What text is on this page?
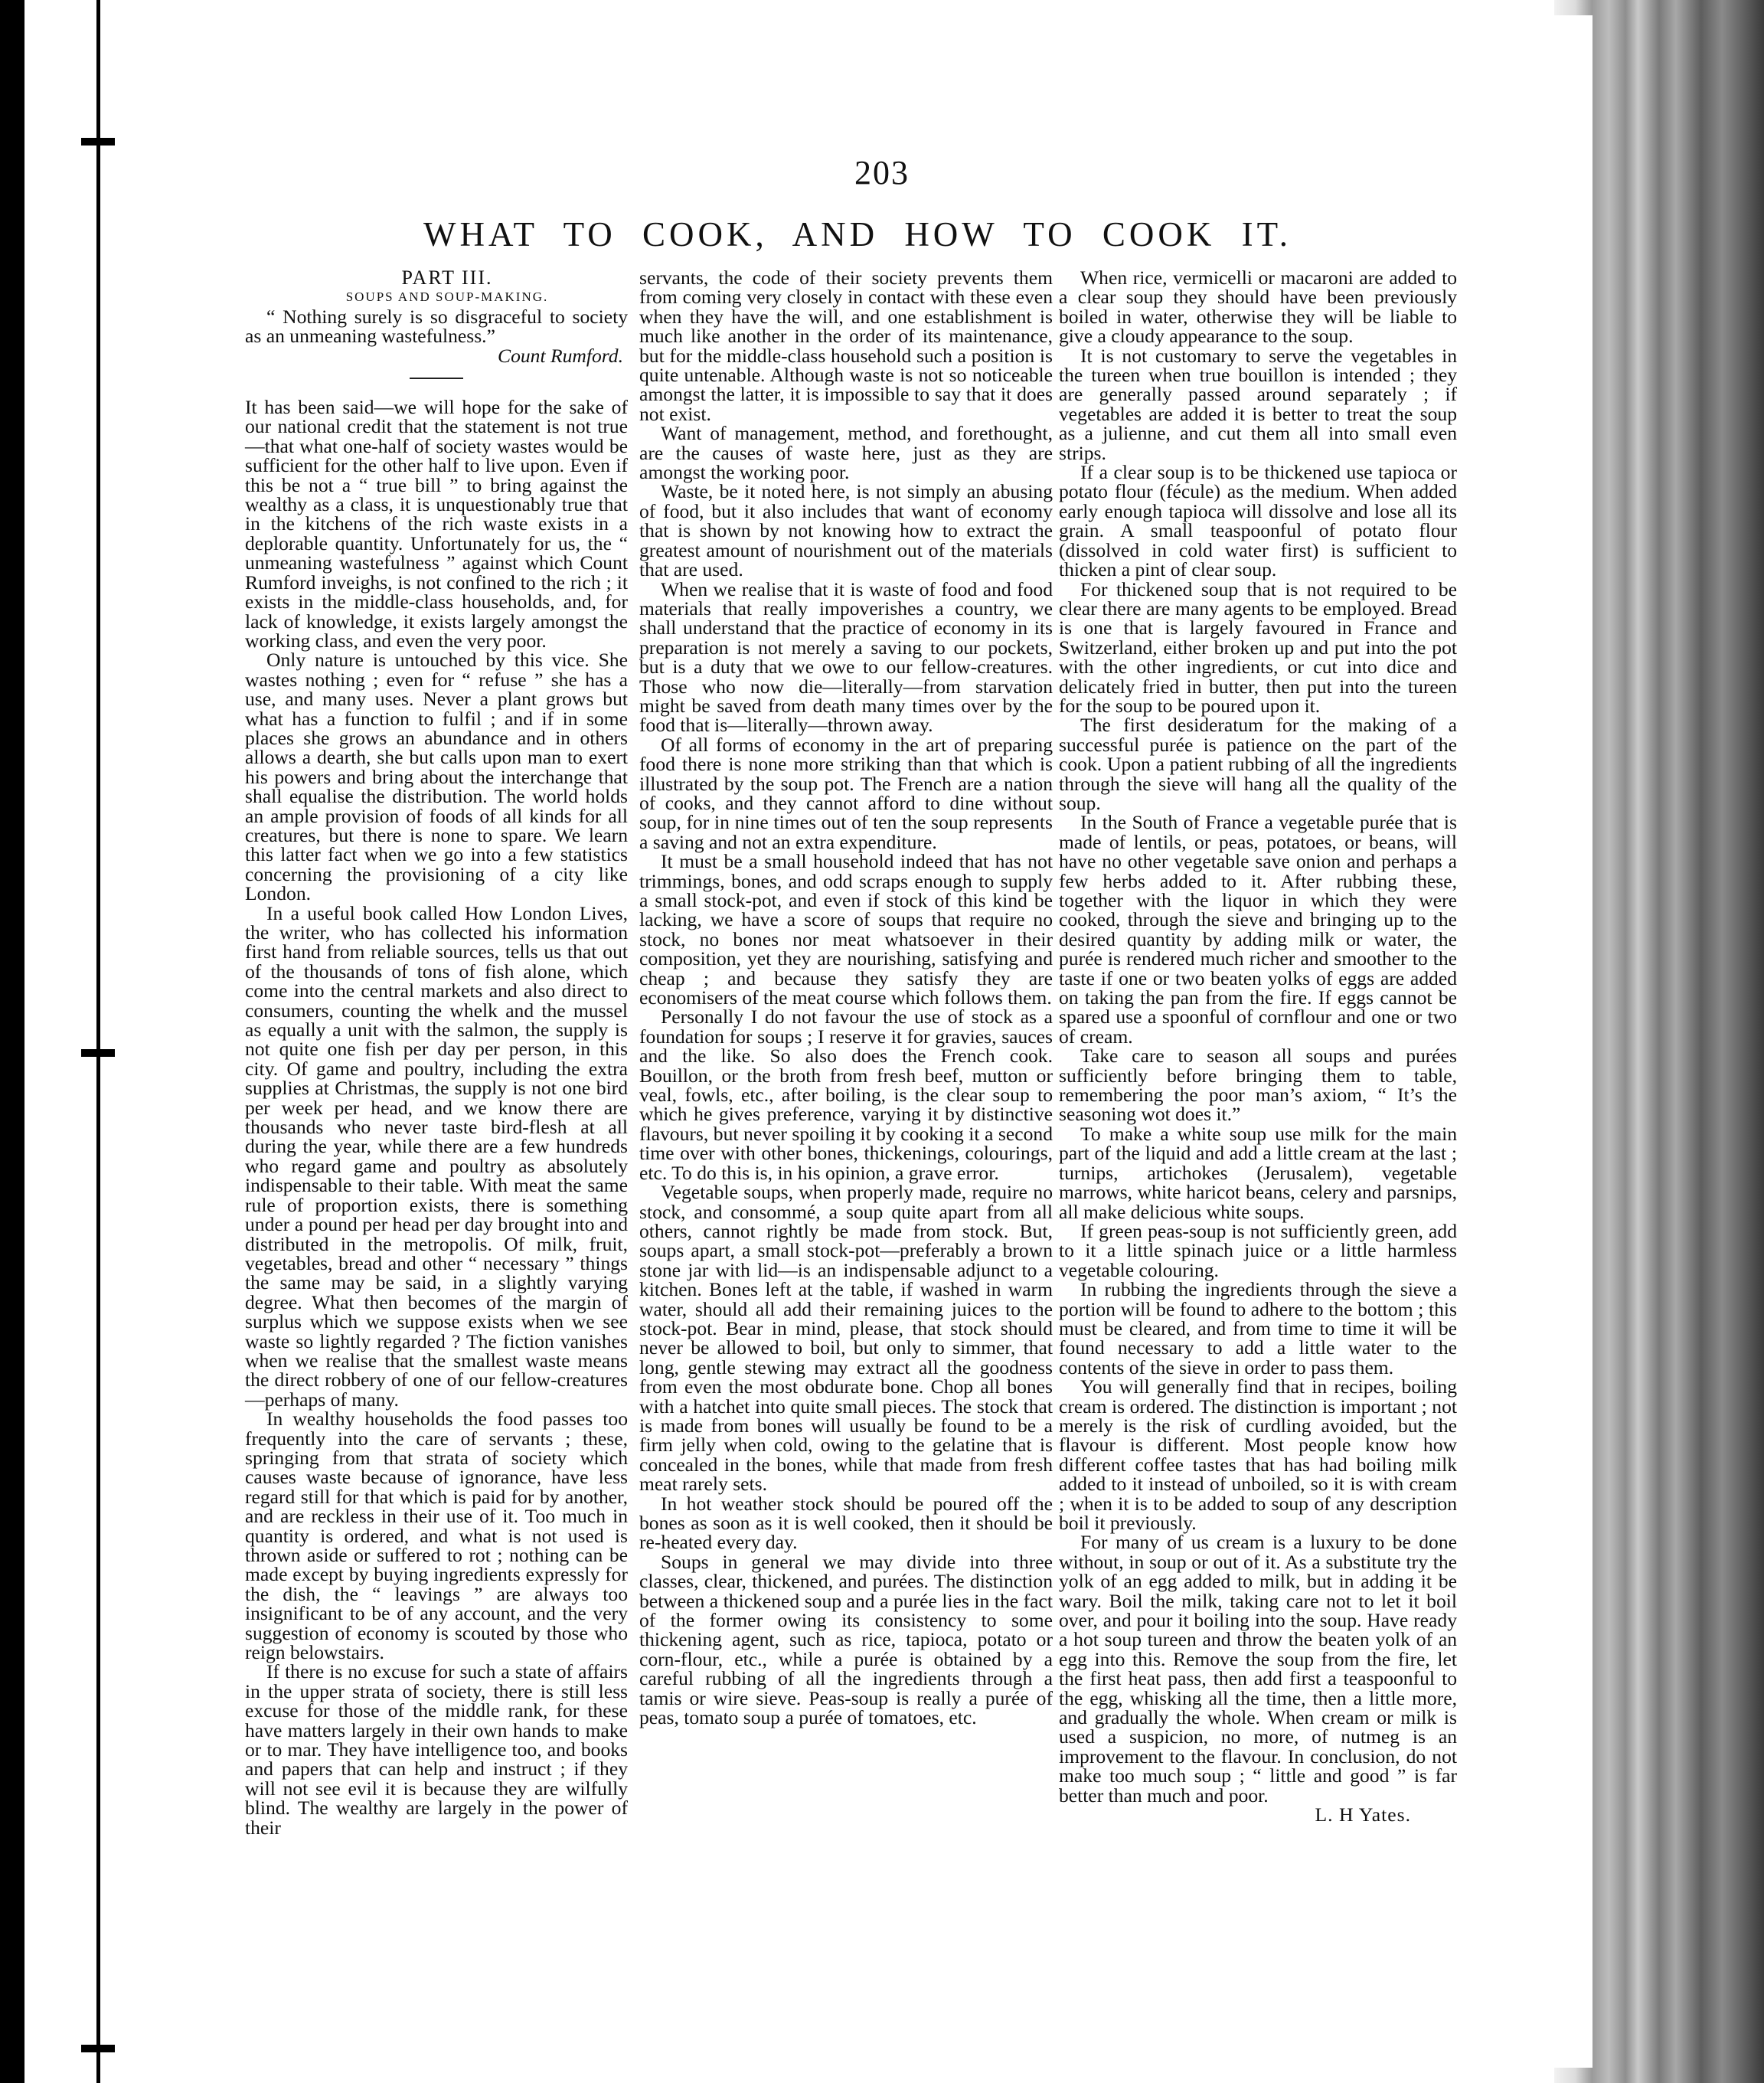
203
WHAT TO COOK, AND HOW TO COOK IT.

PART III.

SOUPS AND SOUP-MAKING.

“ Nothing surely is so disgraceful to society as an unmeaning wastefulness.”

Count Rumford.

It has been said—we will hope for the sake of our national credit that the statement is not true—that what one-half of society wastes would be sufficient for the other half to live upon. Even if this be not a “ true bill ” to bring against the wealthy as a class, it is unquestionably true that in the kitchens of the rich waste exists in a deplorable quantity. Unfortunately for us, the “ unmeaning wastefulness ” against which Count Rumford inveighs, is not confined to the rich ; it exists in the middle-class households, and, for lack of knowledge, it exists largely amongst the working class, and even the very poor.

Only nature is untouched by this vice. She wastes nothing ; even for “ refuse ” she has a use, and many uses. Never a plant grows but what has a function to fulfil ; and if in some places she grows an abundance and in others allows a dearth, she but calls upon man to exert his powers and bring about the interchange that shall equalise the distribution. The world holds an ample provision of foods of all kinds for all creatures, but there is none to spare. We learn this latter fact when we go into a few statistics concerning the provisioning of a city like London.

In a useful book called How London Lives, the writer, who has collected his information first hand from reliable sources, tells us that out of the thousands of tons of fish alone, which come into the central markets and also direct to consumers, counting the whelk and the mussel as equally a unit with the salmon, the supply is not quite one fish per day per person, in this city. Of game and poultry, including the extra supplies at Christmas, the supply is not one bird per week per head, and we know there are thousands who never taste bird-flesh at all during the year, while there are a few hundreds who regard game and poultry as absolutely indispensable to their table. With meat the same rule of proportion exists, there is something under a pound per head per day brought into and distributed in the metropolis. Of milk, fruit, vegetables, bread and other “ necessary ” things the same may be said, in a slightly varying degree. What then becomes of the margin of surplus which we suppose exists when we see waste so lightly regarded ? The fiction vanishes when we realise that the smallest waste means the direct robbery of one of our fellow-creatures—perhaps of many.

In wealthy households the food passes too frequently into the care of servants ; these, springing from that strata of society which causes waste because of ignorance, have less regard still for that which is paid for by another, and are reckless in their use of it. Too much in quantity is ordered, and what is not used is thrown aside or suffered to rot ; nothing can be made except by buying ingredients expressly for the dish, the “ leavings ” are always too insignificant to be of any account, and the very suggestion of economy is scouted by those who reign belowstairs.

If there is no excuse for such a state of affairs in the upper strata of society, there is still less excuse for those of the middle rank, for these have matters largely in their own hands to make or to mar. They have intelligence too, and books and papers that can help and instruct ; if they will not see evil it is because they are wilfully blind. The wealthy are largely in the power of their

servants, the code of their society prevents them from coming very closely in contact with these even when they have the will, and one establishment is much like another in the order of its maintenance, but for the middle-class household such a position is quite untenable. Although waste is not so noticeable amongst the latter, it is impossible to say that it does not exist.

Want of management, method, and forethought, are the causes of waste here, just as they are amongst the working poor.

Waste, be it noted here, is not simply an abusing of food, but it also includes that want of economy that is shown by not knowing how to extract the greatest amount of nourishment out of the materials that are used.

When we realise that it is waste of food and food materials that really impoverishes a country, we shall understand that the practice of economy in its preparation is not merely a saving to our pockets, but is a duty that we owe to our fellow-creatures. Those who now die—literally—from starvation might be saved from death many times over by the food that is—literally—thrown away.

Of all forms of economy in the art of preparing food there is none more striking than that which is illustrated by the soup pot. The French are a nation of cooks, and they cannot afford to dine without soup, for in nine times out of ten the soup represents a saving and not an extra expenditure.

It must be a small household indeed that has not trimmings, bones, and odd scraps enough to supply a small stock-pot, and even if stock of this kind be lacking, we have a score of soups that require no stock, no bones nor meat whatsoever in their composition, yet they are nourishing, satisfying and cheap ; and because they satisfy they are economisers of the meat course which follows them.

Personally I do not favour the use of stock as a foundation for soups ; I reserve it for gravies, sauces and the like. So also does the French cook. Bouillon, or the broth from fresh beef, mutton or veal, fowls, etc., after boiling, is the clear soup to which he gives preference, varying it by distinctive flavours, but never spoiling it by cooking it a second time over with other bones, thickenings, colourings, etc. To do this is, in his opinion, a grave error.

Vegetable soups, when properly made, require no stock, and consommé, a soup quite apart from all others, cannot rightly be made from stock. But, soups apart, a small stock-pot—preferably a brown stone jar with lid—is an indispensable adjunct to a kitchen. Bones left at the table, if washed in warm water, should all add their remaining juices to the stock-pot. Bear in mind, please, that stock should never be allowed to boil, but only to simmer, that long, gentle stewing may extract all the goodness from even the most obdurate bone. Chop all bones with a hatchet into quite small pieces. The stock that is made from bones will usually be found to be a firm jelly when cold, owing to the gelatine that is concealed in the bones, while that made from fresh meat rarely sets.

In hot weather stock should be poured off the bones as soon as it is well cooked, then it should be re-heated every day.

Soups in general we may divide into three classes, clear, thickened, and purées. The distinction between a thickened soup and a purée lies in the fact of the former owing its consistency to some thickening agent, such as rice, tapioca, potato or corn-flour, etc., while a purée is obtained by a careful rubbing of all the ingredients through a tamis or wire sieve. Peas-soup is really a purée of peas, tomato soup a purée of tomatoes, etc.

When rice, vermicelli or macaroni are added to a clear soup they should have been previously boiled in water, otherwise they will be liable to give a cloudy appearance to the soup.

It is not customary to serve the vegetables in the tureen when true bouillon is intended ; they are generally passed around separately ; if vegetables are added it is better to treat the soup as a julienne, and cut them all into small even strips.

If a clear soup is to be thickened use tapioca or potato flour (fécule) as the medium. When added early enough tapioca will dissolve and lose all its grain. A small teaspoonful of potato flour (dissolved in cold water first) is sufficient to thicken a pint of clear soup.

For thickened soup that is not required to be clear there are many agents to be employed. Bread is one that is largely favoured in France and Switzerland, either broken up and put into the pot with the other ingredients, or cut into dice and delicately fried in butter, then put into the tureen for the soup to be poured upon it.

The first desideratum for the making of a successful purée is patience on the part of the cook. Upon a patient rubbing of all the ingredients through the sieve will hang all the quality of the soup.

In the South of France a vegetable purée that is made of lentils, or peas, potatoes, or beans, will have no other vegetable save onion and perhaps a few herbs added to it. After rubbing these, together with the liquor in which they were cooked, through the sieve and bringing up to the desired quantity by adding milk or water, the purée is rendered much richer and smoother to the taste if one or two beaten yolks of eggs are added on taking the pan from the fire. If eggs cannot be spared use a spoonful of cornflour and one or two of cream.

Take care to season all soups and purées sufficiently before bringing them to table, remembering the poor man’s axiom, “ It’s the seasoning wot does it.”

To make a white soup use milk for the main part of the liquid and add a little cream at the last ; turnips, artichokes (Jerusalem), vegetable marrows, white haricot beans, celery and parsnips, all make delicious white soups.

If green peas-soup is not sufficiently green, add to it a little spinach juice or a little harmless vegetable colouring.

In rubbing the ingredients through the sieve a portion will be found to adhere to the bottom ; this must be cleared, and from time to time it will be found necessary to add a little water to the contents of the sieve in order to pass them.

You will generally find that in recipes, boiling cream is ordered. The distinction is important ; not merely is the risk of curdling avoided, but the flavour is different. Most people know how different coffee tastes that has had boiling milk added to it instead of unboiled, so it is with cream ; when it is to be added to soup of any description boil it previously.

For many of us cream is a luxury to be done without, in soup or out of it. As a substitute try the yolk of an egg added to milk, but in adding it be wary. Boil the milk, taking care not to let it boil over, and pour it boiling into the soup. Have ready a hot soup tureen and throw the beaten yolk of an egg into this. Remove the soup from the fire, let the first heat pass, then add first a teaspoonful to the egg, whisking all the time, then a little more, and gradually the whole. When cream or milk is used a suspicion, no more, of nutmeg is an improvement to the flavour. In conclusion, do not make too much soup ; “ little and good ” is far better than much and poor.

L. H Yates.
